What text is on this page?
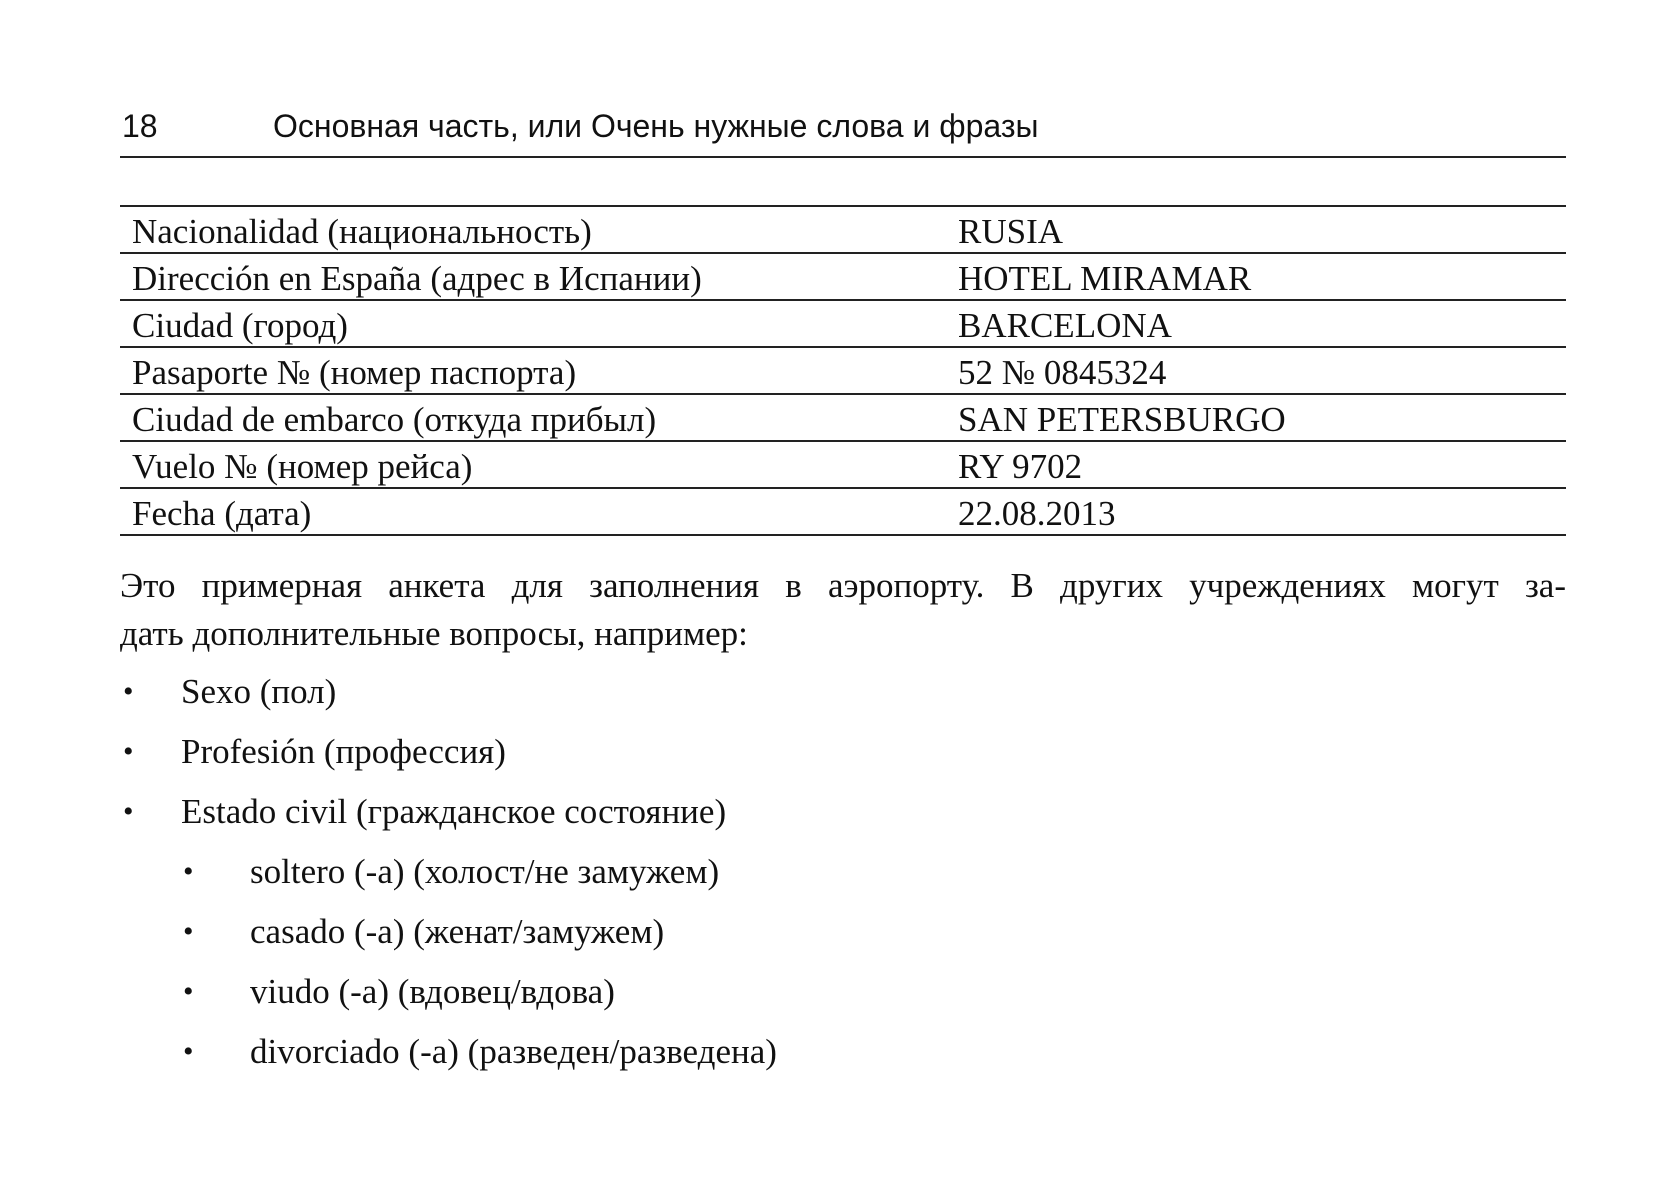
18	Основная часть, или Очень нужные слова и фразы
Nacionalidad (национальность)	RUSIA
Dirección en España (адрес в Испании)	HOTEL MIRAMAR
Ciudad (город)	BARCELONA
Pasaporte № (номер паспорта)	52 № 0845324
Ciudad de embarco (откуда прибыл)	SAN PETERSBURGO
Vuelo № (номер рейса)	RY 9702
Fecha (дата)	22.08.2013

Это примерная анкета для заполнения в аэропорту. В других учреждениях могут за-
дать дополнительные вопросы, например:

• Sexo (пол)
• Profesión (профессия)
• Estado civil (гражданское состояние)
• soltero (-a) (холост/не замужем)
• casado (-a) (женат/замужем)
• viudo (-a) (вдовец/вдова)
• divorciado (-a) (разведен/разведена)
